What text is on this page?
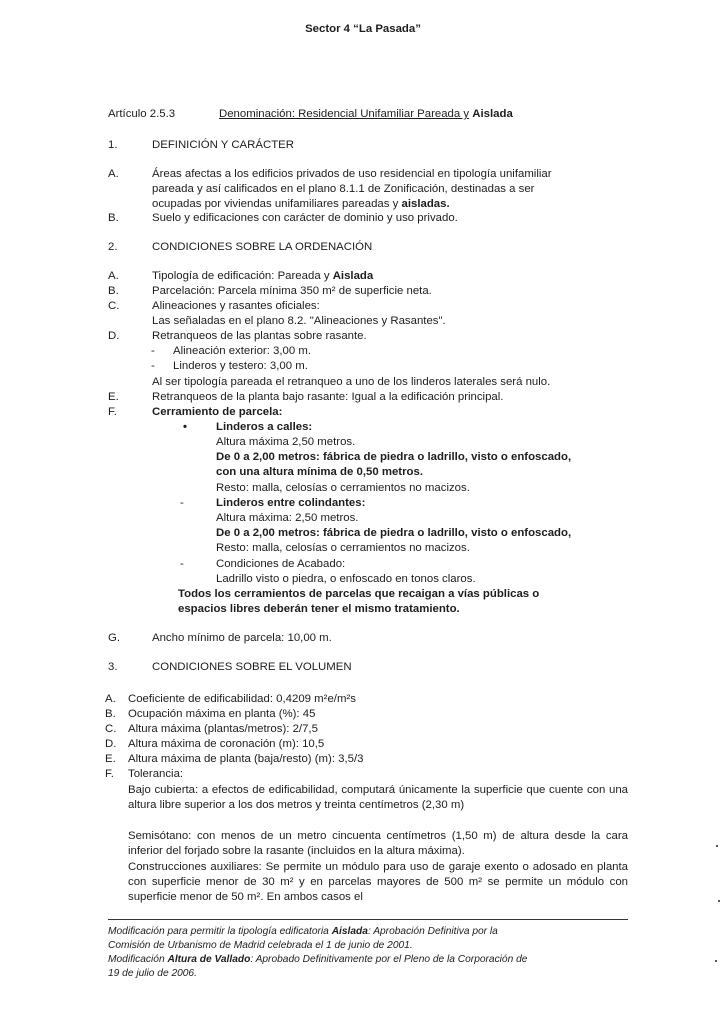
Sector 4 “La Pasada”
Artículo 2.5.3	Denominación: Residencial Unifamiliar Pareada y Aislada
1.	DEFINICIÓN Y CARÁCTER
A.	Áreas afectas a los edificios privados de uso residencial en tipología unifamiliar
pareada y así calificados en el plano 8.1.1 de Zonificación, destinadas a ser
ocupadas por viviendas unifamiliares pareadas y aisladas.
B.	Suelo y edificaciones con carácter de dominio y uso privado.
2.	CONDICIONES SOBRE LA ORDENACIÓN
A.	Tipología de edificación: Pareada y Aislada
B.	Parcelación: Parcela mínima 350 m² de superficie neta.
C.	Alineaciones y rasantes oficiales:
Las señaladas en el plano 8.2. "Alineaciones y Rasantes".
D.	Retranqueos de las plantas sobre rasante.
- Alineación exterior: 3,00 m.
- Linderos y testero: 3,00 m.
Al ser tipología pareada el retranqueo a uno de los linderos laterales será nulo.
E.	Retranqueos de la planta bajo rasante: Igual a la edificación principal.
F.	Cerramiento de parcela:
•	Linderos a calles:
Altura máxima 2,50 metros.
De 0 a 2,00 metros: fábrica de piedra o ladrillo, visto o enfoscado,
con una altura mínima de 0,50 metros.
Resto: malla, celosías o cerramientos no macizos.
-	Linderos entre colindantes:
Altura máxima: 2,50 metros.
De 0 a 2,00 metros: fábrica de piedra o ladrillo, visto o enfoscado,
Resto: malla, celosías o cerramientos no macizos.
-	Condiciones de Acabado:
Ladrillo visto o piedra, o enfoscado en tonos claros.
Todos los cerramientos de parcelas que recaigan a vías públicas o
espacios libres deberán tener el mismo tratamiento.
G.	Ancho mínimo de parcela: 10,00 m.
3.	CONDICIONES SOBRE EL VOLUMEN
A. Coeficiente de edificabilidad: 0,4209 m²e/m²s
B. Ocupación máxima en planta (%): 45
C. Altura máxima (plantas/metros): 2/7,5
D. Altura máxima de coronación (m): 10,5
E. Altura máxima de planta (baja/resto) (m): 3,5/3
F. Tolerancia:
Bajo cubierta: a efectos de edificabilidad, computará únicamente la superficie que cuente con una altura libre superior a los dos metros y treinta centímetros (2,30 m)
Semisótano: con menos de un metro cincuenta centímetros (1,50 m) de altura desde la cara inferior del forjado sobre la rasante (incluidos en la altura máxima).
Construcciones auxiliares: Se permite un módulo para uso de garaje exento o adosado en planta con superficie menor de 30 m² y en parcelas mayores de 500 m² se permite un módulo con superficie menor de 50 m². En ambos casos el
Modificación para permitir la tipología edificatoria Aislada: Aprobación Definitiva por la
Comisión de Urbanismo de Madrid celebrada el 1 de junio de 2001.
Modificación Altura de Vallado: Aprobado Definitivamente por el Pleno de la Corporación de
19 de julio de 2006.
